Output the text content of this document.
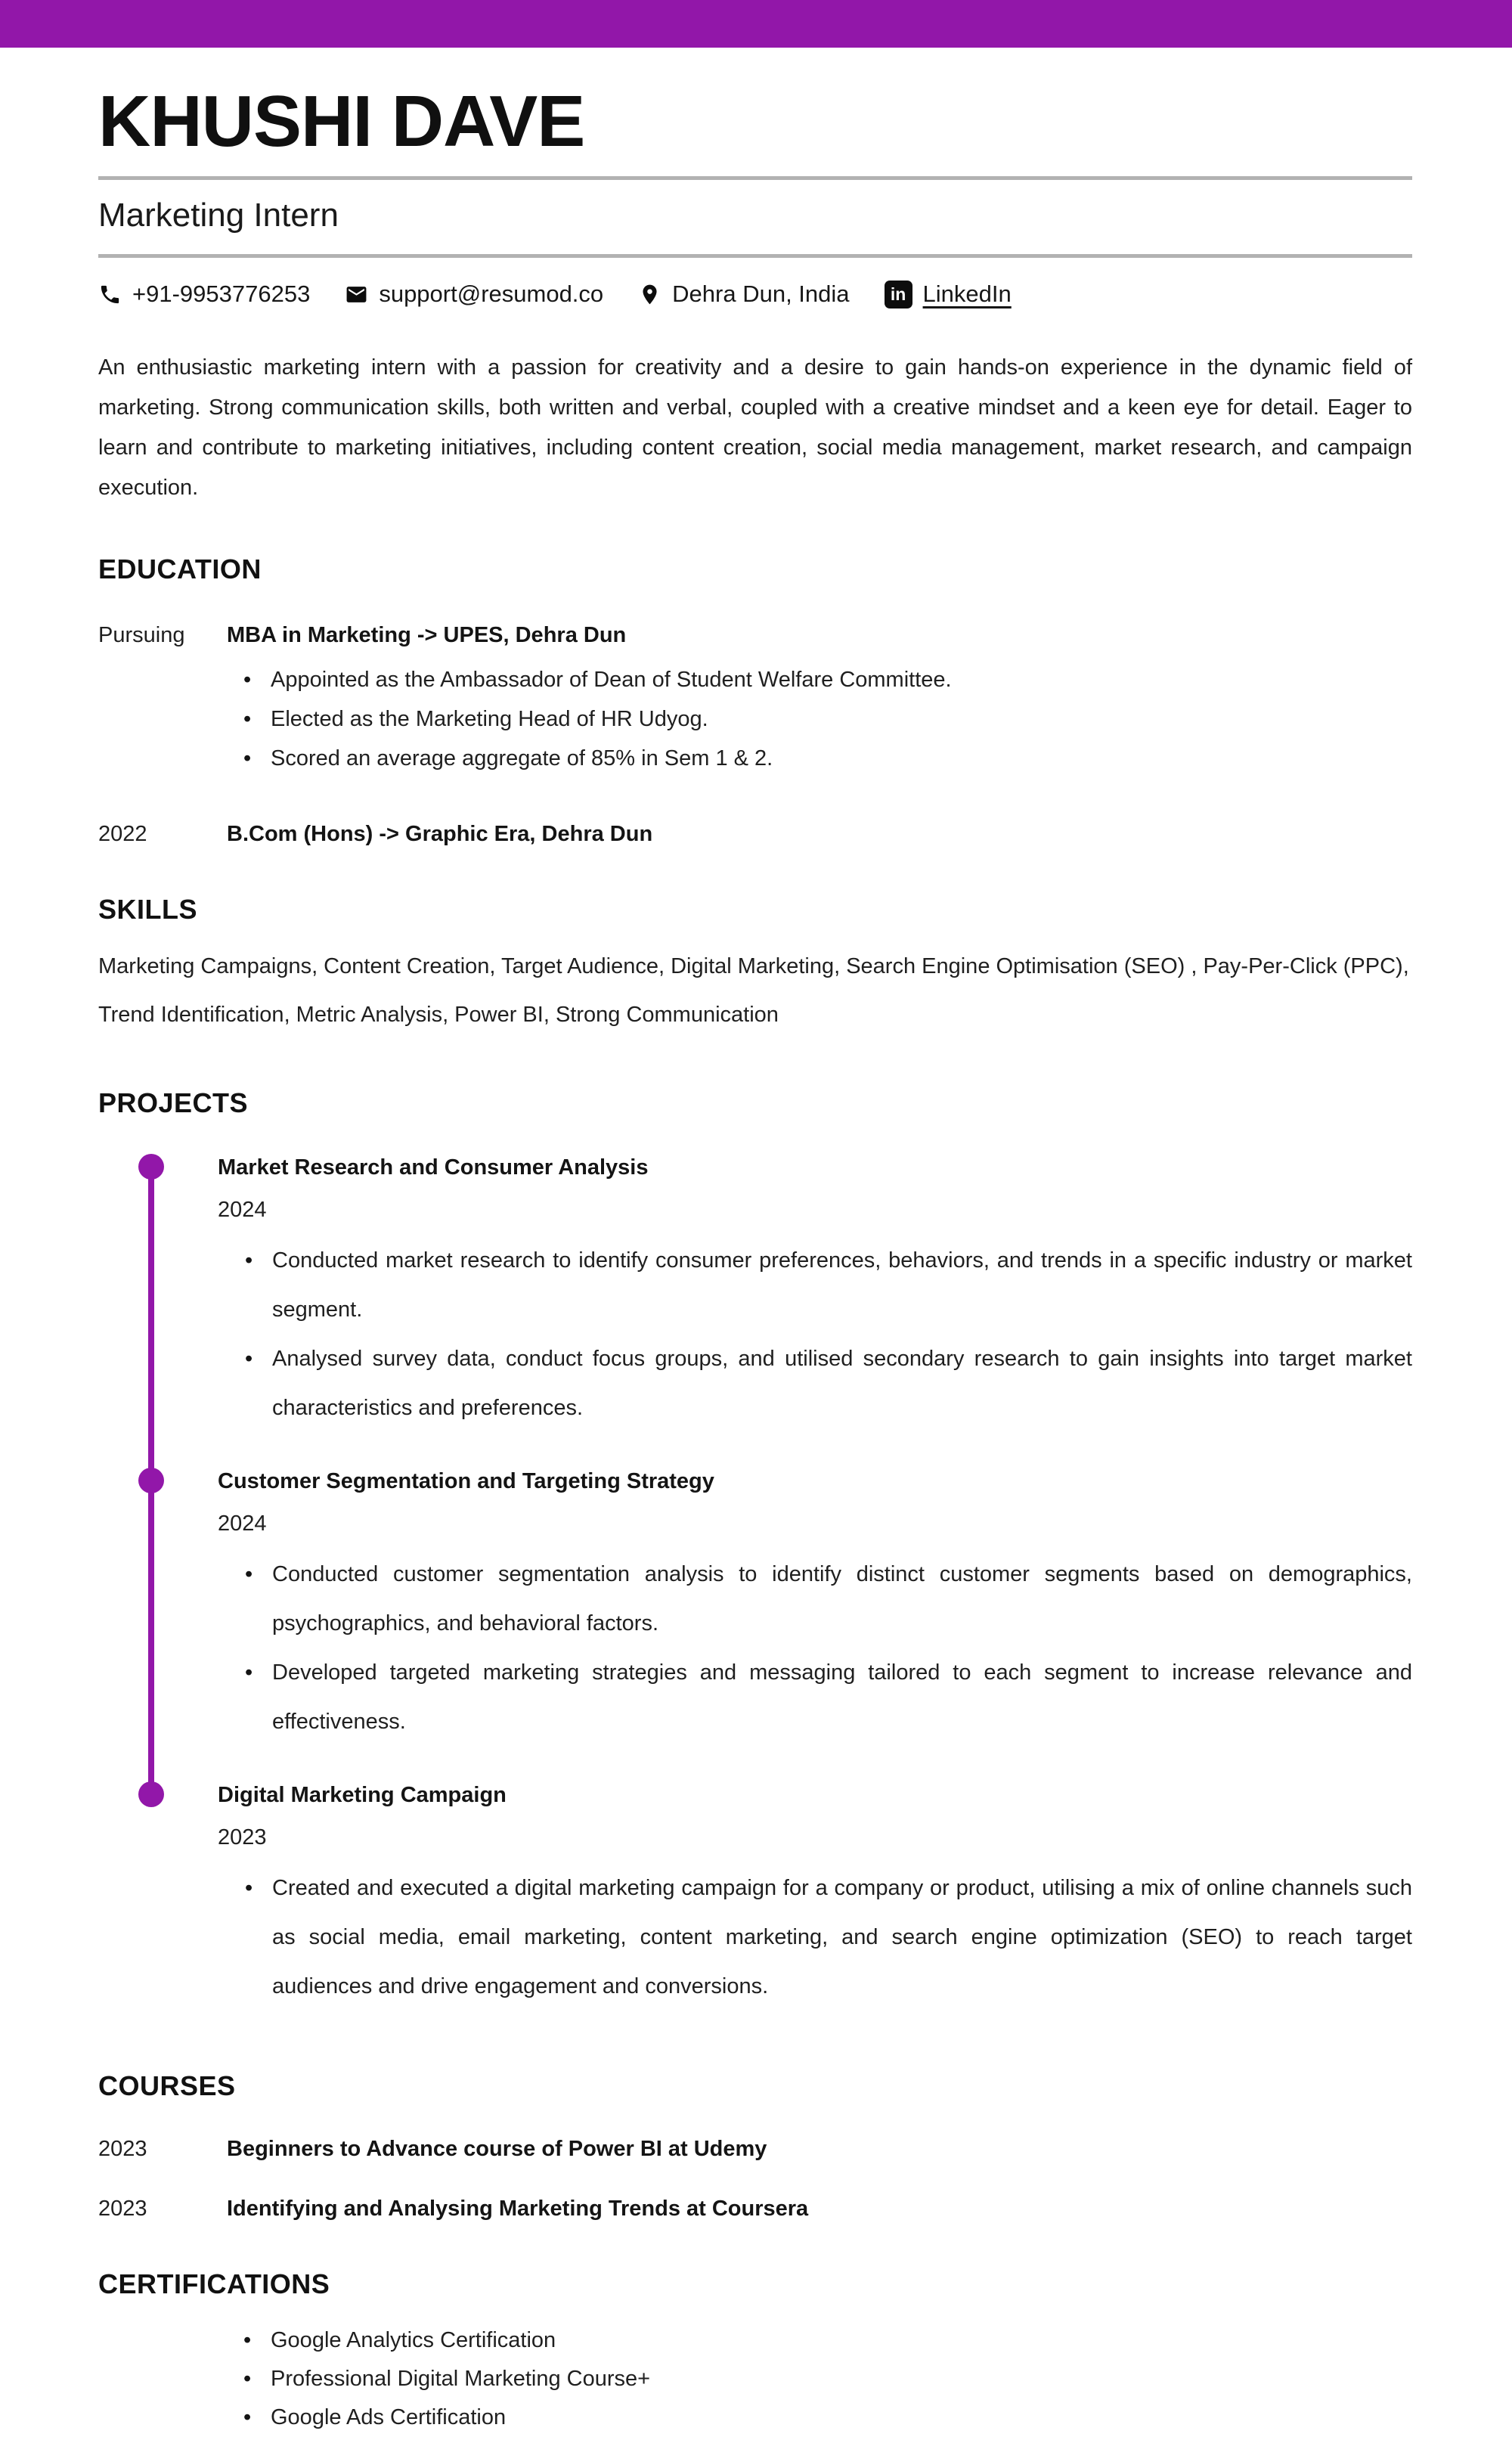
KHUSHI DAVE
Marketing Intern
+91-9953776253	support@resumod.co	Dehra Dun, India	in LinkedIn

An enthusiastic marketing intern with a passion for creativity and a desire to gain hands-on experience in the dynamic field of marketing. Strong communication skills, both written and verbal, coupled with a creative mindset and a keen eye for detail. Eager to learn and contribute to marketing initiatives, including content creation, social media management, market research, and campaign execution.

EDUCATION
Pursuing	MBA in Marketing -> UPES, Dehra Dun
• Appointed as the Ambassador of Dean of Student Welfare Committee.
• Elected as the Marketing Head of HR Udyog.
• Scored an average aggregate of 85% in Sem 1 & 2.
2022	B.Com (Hons) -> Graphic Era, Dehra Dun
SKILLS

Marketing Campaigns, Content Creation, Target Audience, Digital Marketing, Search Engine Optimisation (SEO) , Pay-Per-Click (PPC), Trend Identification, Metric Analysis, Power BI, Strong Communication

PROJECTS
Market Research and Consumer Analysis
2024
• Conducted market research to identify consumer preferences, behaviors, and trends in a specific industry or market segment.
• Analysed survey data, conduct focus groups, and utilised secondary research to gain insights into target market characteristics and preferences.
Customer Segmentation and Targeting Strategy
2024
• Conducted customer segmentation analysis to identify distinct customer segments based on demographics, psychographics, and behavioral factors.
• Developed targeted marketing strategies and messaging tailored to each segment to increase relevance and effectiveness.
Digital Marketing Campaign
2023
• Created and executed a digital marketing campaign for a company or product, utilising a mix of online channels such as social media, email marketing, content marketing, and search engine optimization (SEO) to reach target audiences and drive engagement and conversions.
COURSES
2023	Beginners to Advance course of Power BI at Udemy
2023	Identifying and Analysing Marketing Trends at Coursera
CERTIFICATIONS
• Google Analytics Certification
• Professional Digital Marketing Course+
• Google Ads Certification
